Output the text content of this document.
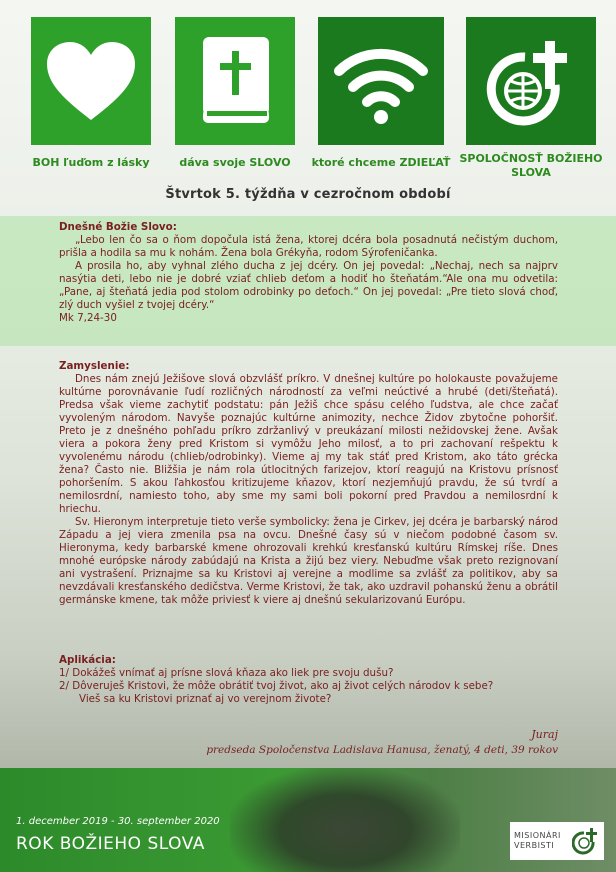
BOH ľuďom z lásky	dáva svoje SLOVO	ktoré chceme ZDIEĽAŤ SPOLOČNOSŤ BOŽIEHO SLOVA
Štvrtok 5. týždňa v cezročnom období

Dnešné Božie Slovo:

„Lebo len čo sa o ňom dopočula istá žena, ktorej dcéra bola posadnutá nečistým duchom, prišla a hodila sa mu k nohám. Žena bola Grékyňa, rodom Sýrofeničanka.

A prosila ho, aby vyhnal zlého ducha z jej dcéry. On jej povedal: „Nechaj, nech sa najprv nasýtia deti, lebo nie je dobré vziať chlieb deťom a hodiť ho šteňatám.“Ale ona mu odvetila: „Pane, aj šteňatá jedia pod stolom odrobinky po deťoch.“ On jej povedal: „Pre tieto slová choď, zlý duch vyšiel z tvojej dcéry.“

Mk 7,24-30

Zamyslenie:

Dnes nám znejú Ježišove slová obzvlášť príkro. V dnešnej kultúre po holokauste považujeme kultúrne porovnávanie ľudí rozličných národností za veľmi neúctivé a hrubé (deti/šteňatá). Predsa však vieme zachytiť podstatu: pán Ježiš chce spásu celého ľudstva, ale chce začať vyvoleným národom. Navyše poznajúc kultúrne animozity, nechce Židov zbytočne pohoršiť. Preto je z dnešného pohľadu príkro zdržanlivý v preukázaní milosti nežidovskej žene. Avšak viera a pokora ženy pred Kristom si vymôžu Jeho milosť, a to pri zachovaní rešpektu k vyvolenému národu (chlieb/odrobinky). Vieme aj my tak stáť pred Kristom, ako táto grécka žena? Často nie. Bližšia je nám rola útlocitných farizejov, ktorí reagujú na Kristovu prísnosť pohoršením. S akou ľahkosťou kritizujeme kňazov, ktorí nezjemňujú pravdu, že sú tvrdí a nemilosrdní, namiesto toho, aby sme my sami boli pokorní pred Pravdou a nemilosrdní k hriechu.

Sv. Hieronym interpretuje tieto verše symbolicky: žena je Cirkev, jej dcéra je barbarský národ Západu a jej viera zmenila psa na ovcu. Dnešné časy sú v niečom podobné časom sv. Hieronyma, kedy barbarské kmene ohrozovali krehkú kresťanskú kultúru Rímskej ríše. Dnes mnohé európske národy zabúdajú na Krista a žijú bez viery. Nebuďme však preto rezignovaní ani vystrašení. Priznajme sa ku Kristovi aj verejne a modlime sa zvlášť za politikov, aby sa nevzdávali kresťanského dedičstva. Verme Kristovi, že tak, ako uzdravil pohanskú ženu a obrátil germánske kmene, tak môže priviesť k viere aj dnešnú sekularizovanú Európu.

Aplikácia:

1/ Dokážeš vnímať aj prísne slová kňaza ako liek pre svoju dušu?

2/ Dôveruješ Kristovi, že môže obrátiť tvoj život, ako aj život celých národov k sebe?

Vieš sa ku Kristovi priznať aj vo verejnom živote?

Juraj
predseda Spoločenstva Ladislava Hanusa, ženatý, 4 deti, 39 rokov
1. december 2019 - 30. september 2020
ROK BOŽIEHO SLOVA	MISIONÁRI
VERBISTI
